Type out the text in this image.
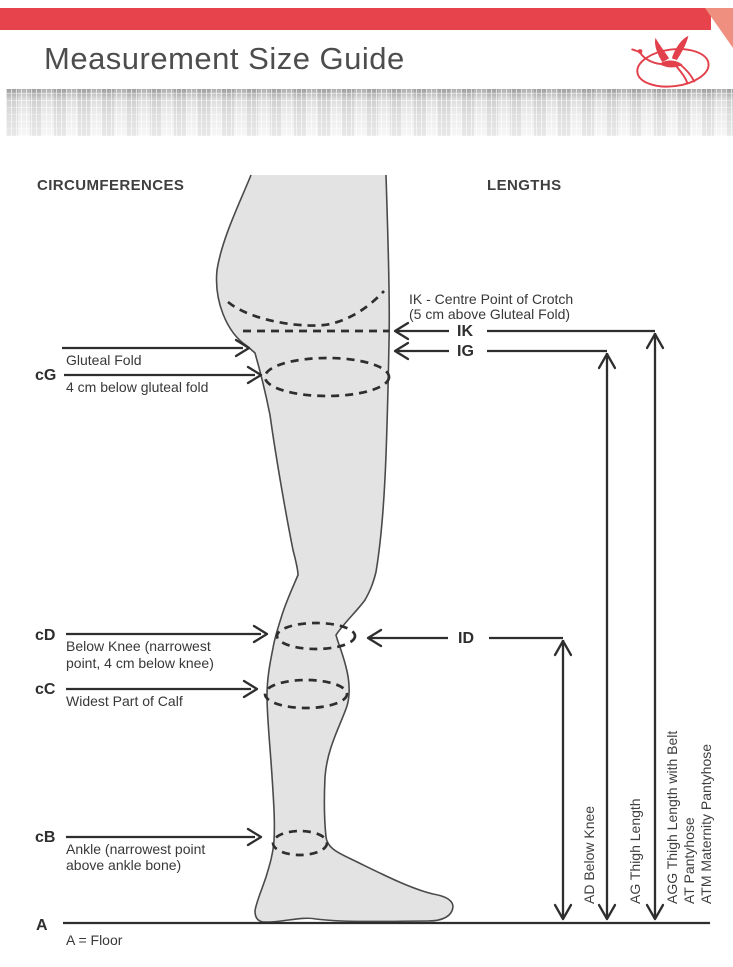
CIRCUMFERENCES	LENGTHS
Gluteal Fold
cG
4 cm below gluteal fold
cD
Below Knee (narrowest
point, 4 cm below knee)
cC
Widest Part of Calf
cB
Ankle (narrowest point
above ankle bone)
A
A = Floor
IK - Centre Point of Crotch
(5 cm above Gluteal Fold)
IK
IG
ID
AD Below Knee AG Thigh Length AGG Thigh Length with Belt AT Pantyhose ATM Maternity Pantyhose
Measurement Size Guide
